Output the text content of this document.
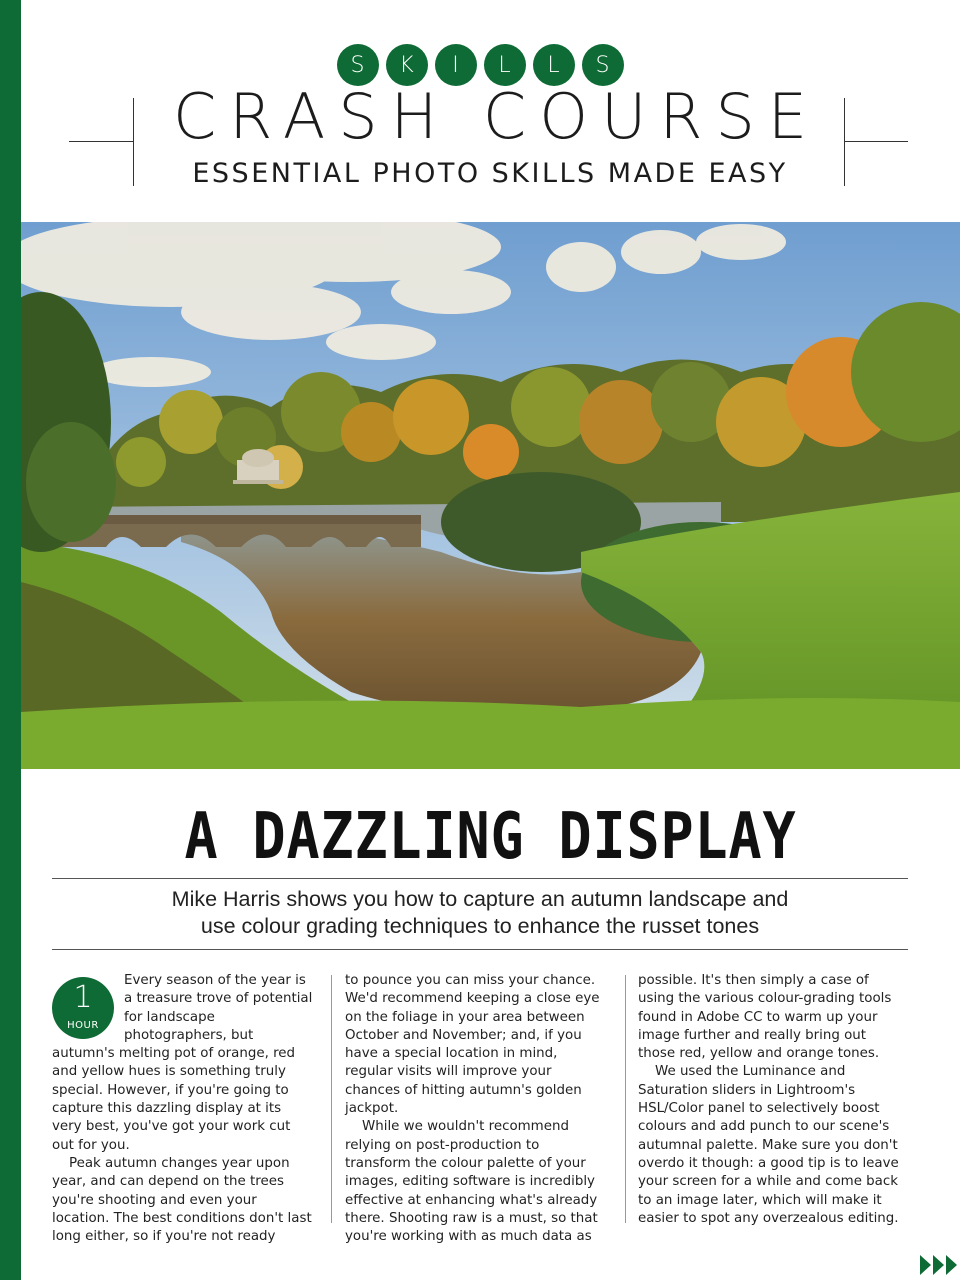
S	K	I	L	L	S
CRASH COURSE
ESSENTIAL PHOTO SKILLS MADE EASY
A DAZZLING DISPLAY
Mike Harris shows you how to capture an autumn landscape and
use colour grading techniques to enhance the russet tones
1
HOUR

Every season of the year is a treasure trove of potential for landscape photographers, but autumn's melting pot of orange, red and yellow hues is something truly special. However, if you're going to capture this dazzling display at its very best, you've got your work cut out for you.

Peak autumn changes year upon year, and can depend on the trees you're shooting and even your location. The best conditions don't last long either, so if you're not ready

to pounce you can miss your chance. We'd recommend keeping a close eye on the foliage in your area between October and November; and, if you have a special location in mind, regular visits will improve your chances of hitting autumn's golden jackpot.

While we wouldn't recommend relying on post-production to transform the colour palette of your images, editing software is incredibly effective at enhancing what's already there. Shooting raw is a must, so that you're working with as much data as

possible. It's then simply a case of using the various colour-grading tools found in Adobe CC to warm up your image further and really bring out those red, yellow and orange tones.

We used the Luminance and Saturation sliders in Lightroom's HSL/Color panel to selectively boost colours and add punch to our scene's autumnal palette. Make sure you don't overdo it though: a good tip is to leave your screen for a while and come back to an image later, which will make it easier to spot any overzealous editing.
